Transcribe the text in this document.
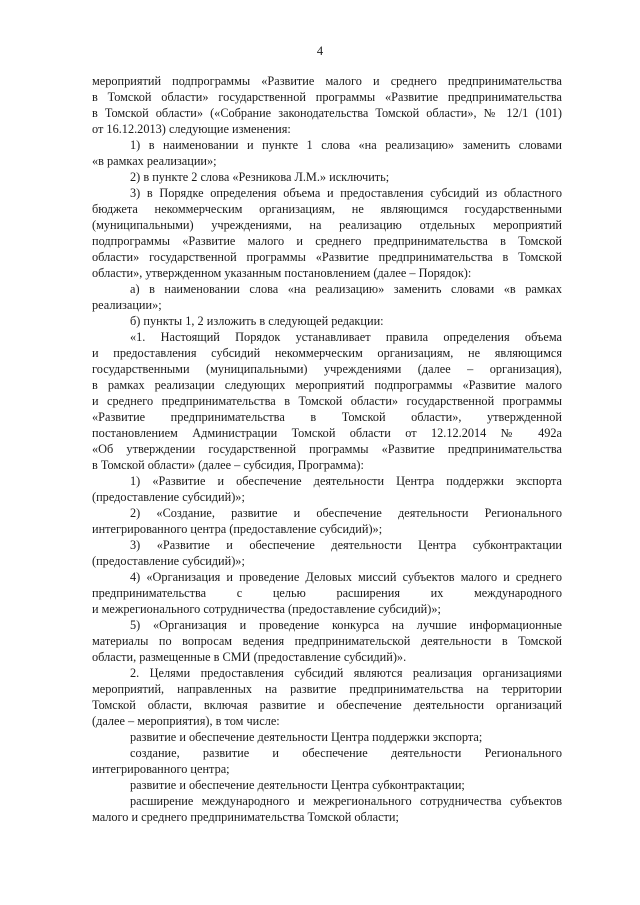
4
мероприятий подпрограммы «Развитие малого и среднего предпринимательства
в Томской области» государственной программы «Развитие предпринимательства
в Томской области» («Собрание законодательства Томской области», № 12/1 (101)
от 16.12.2013) следующие изменения:
1) в наименовании и пункте 1 слова «на реализацию» заменить словами
«в рамках реализации»;
2) в пункте 2 слова «Резникова Л.М.» исключить;
3) в Порядке определения объема и предоставления субсидий из областного
бюджета некоммерческим организациям, не являющимся государственными
(муниципальными) учреждениями, на реализацию отдельных мероприятий
подпрограммы «Развитие малого и среднего предпринимательства в Томской
области» государственной программы «Развитие предпринимательства в Томской
области», утвержденном указанным постановлением (далее – Порядок):
а) в наименовании слова «на реализацию» заменить словами «в рамках
реализации»;
б) пункты 1, 2 изложить в следующей редакции:
«1. Настоящий Порядок устанавливает правила определения объема
и предоставления субсидий некоммерческим организациям, не являющимся
государственными (муниципальными) учреждениями (далее – организация),
в рамках реализации следующих мероприятий подпрограммы «Развитие малого
и среднего предпринимательства в Томской области» государственной программы
«Развитие предпринимательства в Томской области», утвержденной
постановлением Администрации Томской области от 12.12.2014 № 492а
«Об утверждении государственной программы «Развитие предпринимательства
в Томской области» (далее – субсидия, Программа):
1) «Развитие и обеспечение деятельности Центра поддержки экспорта
(предоставление субсидий)»;
2) «Создание, развитие и обеспечение деятельности Регионального
интегрированного центра (предоставление субсидий)»;
3) «Развитие и обеспечение деятельности Центра субконтрактации
(предоставление субсидий)»;
4) «Организация и проведение Деловых миссий субъектов малого и среднего
предпринимательства с целью расширения их международного
и межрегионального сотрудничества (предоставление субсидий)»;
5) «Организация и проведение конкурса на лучшие информационные
материалы по вопросам ведения предпринимательской деятельности в Томской
области, размещенные в СМИ (предоставление субсидий)».
2. Целями предоставления субсидий являются реализация организациями
мероприятий, направленных на развитие предпринимательства на территории
Томской области, включая развитие и обеспечение деятельности организаций
(далее – мероприятия), в том числе:
развитие и обеспечение деятельности Центра поддержки экспорта;
создание, развитие и обеспечение деятельности Регионального
интегрированного центра;
развитие и обеспечение деятельности Центра субконтрактации;
расширение международного и межрегионального сотрудничества субъектов
малого и среднего предпринимательства Томской области;
